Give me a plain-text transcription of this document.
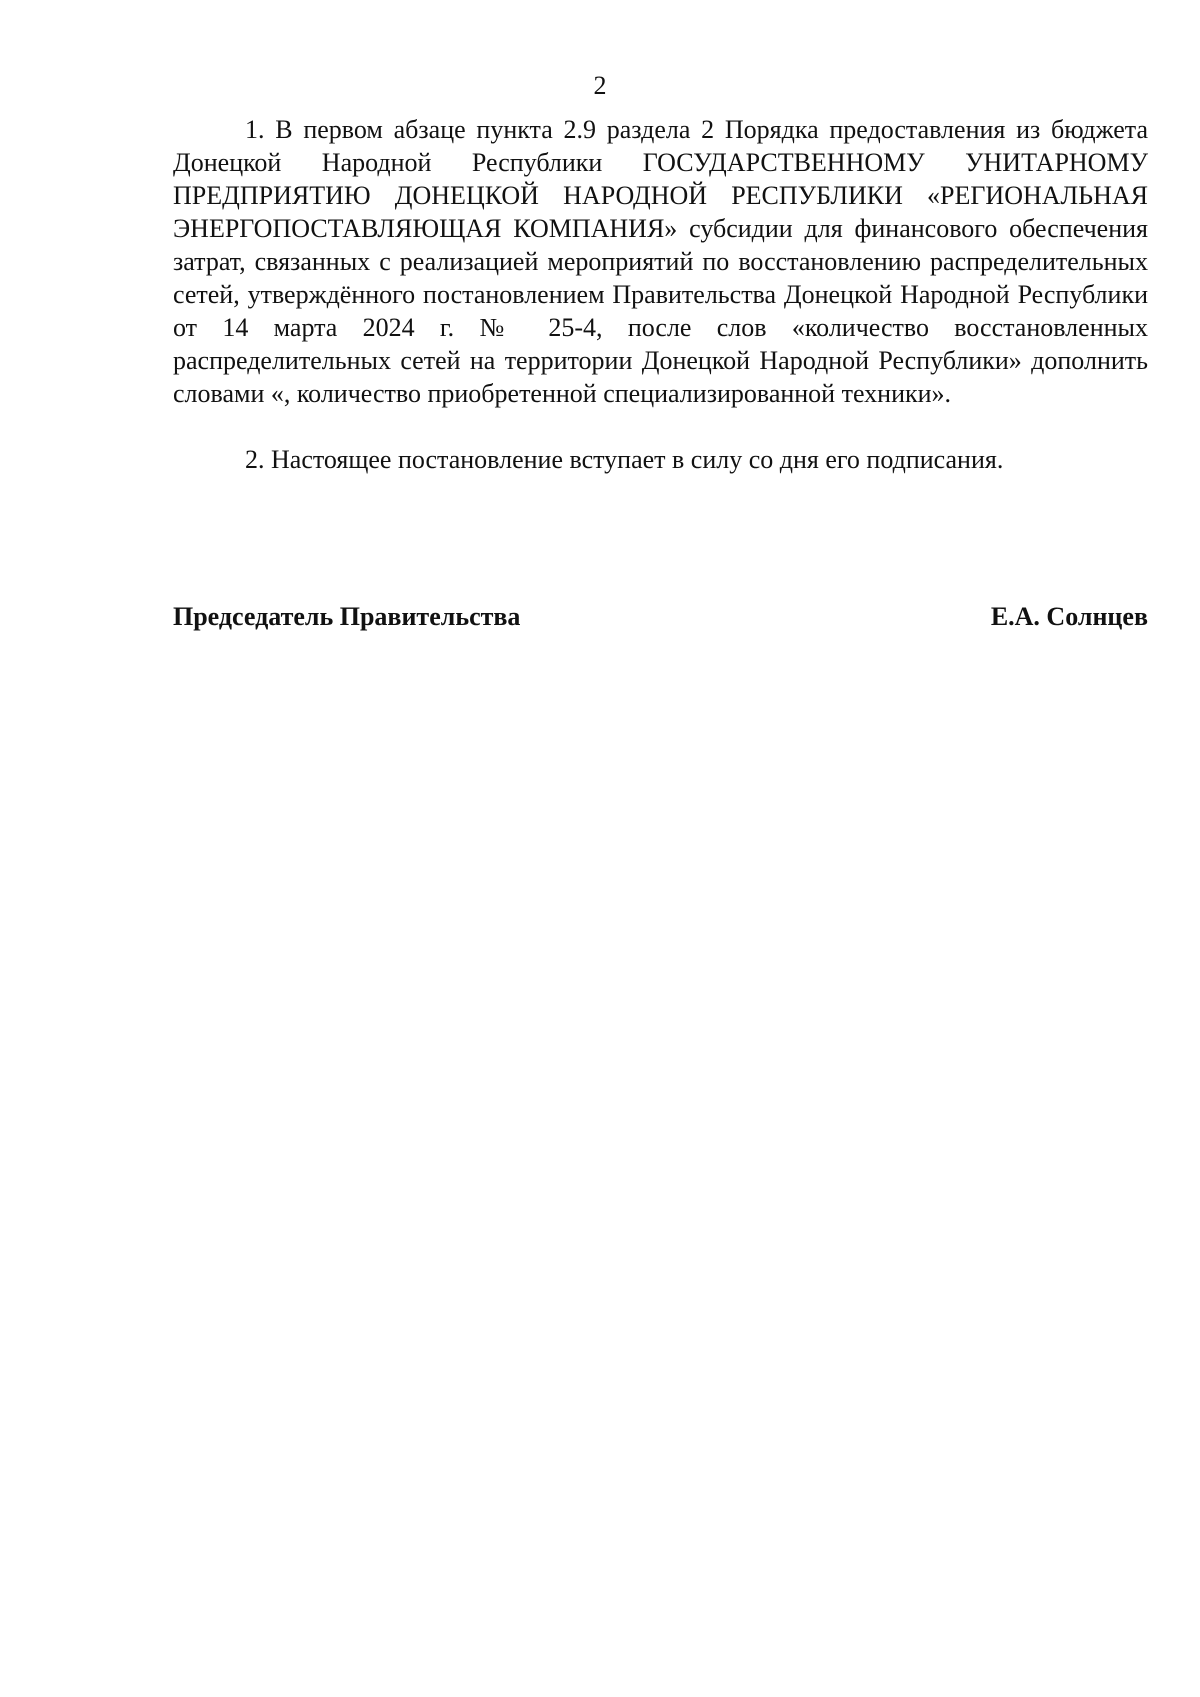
2

1. В первом абзаце пункта 2.9 раздела 2 Порядка предоставления из бюджета Донецкой Народной Республики ГОСУДАРСТВЕННОМУ УНИТАРНОМУ ПРЕДПРИЯТИЮ ДОНЕЦКОЙ НАРОДНОЙ РЕСПУБЛИКИ «РЕГИОНАЛЬНАЯ ЭНЕРГОПОСТАВЛЯЮЩАЯ КОМПАНИЯ» субсидии для финансового обеспечения затрат, связанных с реализацией мероприятий по восстановлению распределительных сетей, утверждённого постановлением Правительства Донецкой Народной Республики от 14 марта 2024 г. № 25-4, после слов «количество восстановленных распределительных сетей на территории Донецкой Народной Республики» дополнить словами «, количество приобретенной специализированной техники».

2. Настоящее постановление вступает в силу со дня его подписания.

Председатель Правительства	Е.А. Солнцев
